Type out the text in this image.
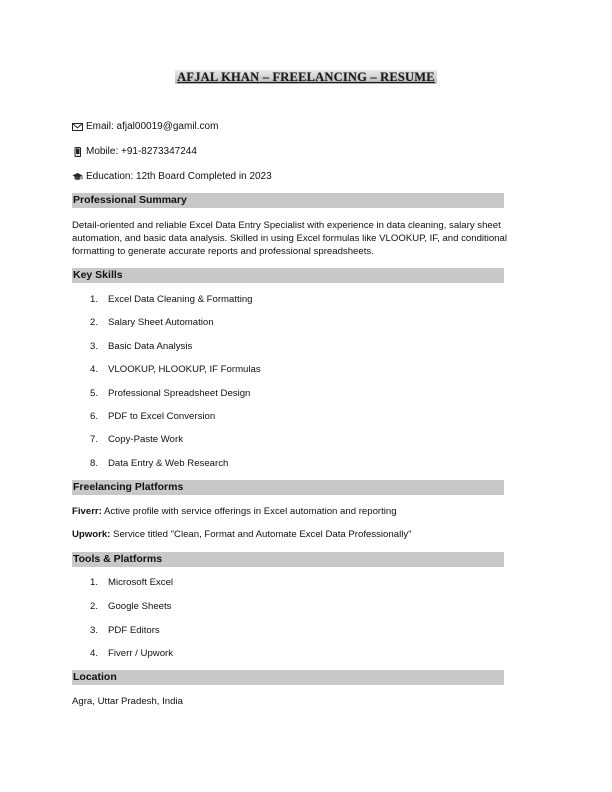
AFJAL KHAN – FREELANCING – RESUME
Email: afjal00019@gamil.com
Mobile: +91-8273347244
Education: 12th Board Completed in 2023
Professional Summary
Detail-oriented and reliable Excel Data Entry Specialist with experience in data cleaning, salary sheet automation, and basic data analysis. Skilled in using Excel formulas like VLOOKUP, IF, and conditional formatting to generate accurate reports and professional spreadsheets.
Key Skills
1. Excel Data Cleaning & Formatting
2. Salary Sheet Automation
3. Basic Data Analysis
4. VLOOKUP, HLOOKUP, IF Formulas
5. Professional Spreadsheet Design
6. PDF to Excel Conversion
7. Copy-Paste Work
8. Data Entry & Web Research
Freelancing Platforms
Fiverr: Active profile with service offerings in Excel automation and reporting
Upwork: Service titled "Clean, Format and Automate Excel Data Professionally"
Tools & Platforms
1. Microsoft Excel
2. Google Sheets
3. PDF Editors
4. Fiverr / Upwork
Location
Agra, Uttar Pradesh, India
